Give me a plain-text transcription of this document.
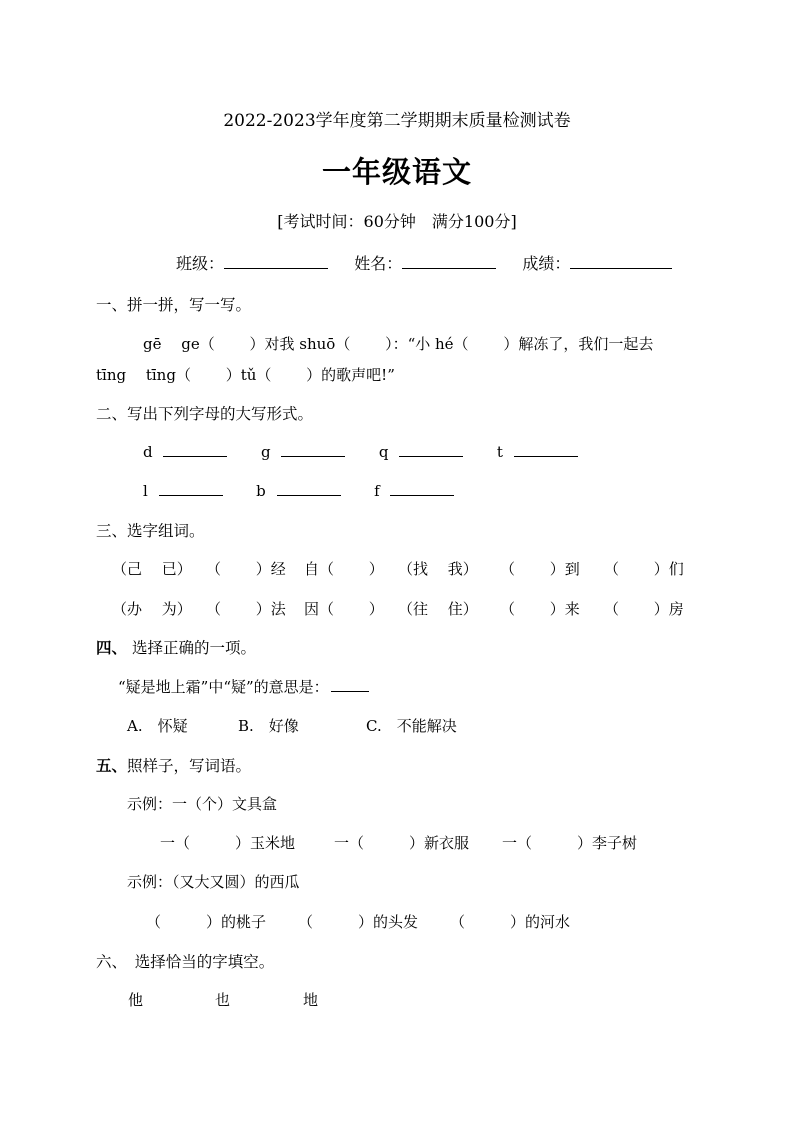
2022-2023学年度第二学期期末质量检测试卷
一年级语文
[考试时间：60分钟　满分100分]
班级：	姓名：	成绩：
一、拼一拼，写一写。
gē　 ge（　　 ）对我 shuō（　　 ）：“小 hé（　　 ）解冻了，我们一起去
tīng　 tīng（　　 ）tǔ（　　 ）的歌声吧!”
二、写出下列字母的大写形式。
d	g	q	t
l	b	f
三、选字组词。
（己　 已） （　　 ）经 自（　　 ） （找　 我） （　　 ）到 （　　 ）们
（办　 为） （　　 ）法 因（　　 ） （往　 住） （　　 ）来 （　　 ）房
四、 选择正确的一项。
“疑是地上霜”中“疑”的意思是：
A.　怀疑	B.　好像	C.　不能解决
五、照样子，写词语。
示例：一（个）文具盒
一（　　　）玉米地	一（　　　）新衣服 一（　　　）李子树
示例：（又大又圆）的西瓜
（　　　）的桃子 （　　　）的头发 （　　　）的河水
六、　选择恰当的字填空。
他	也	地
